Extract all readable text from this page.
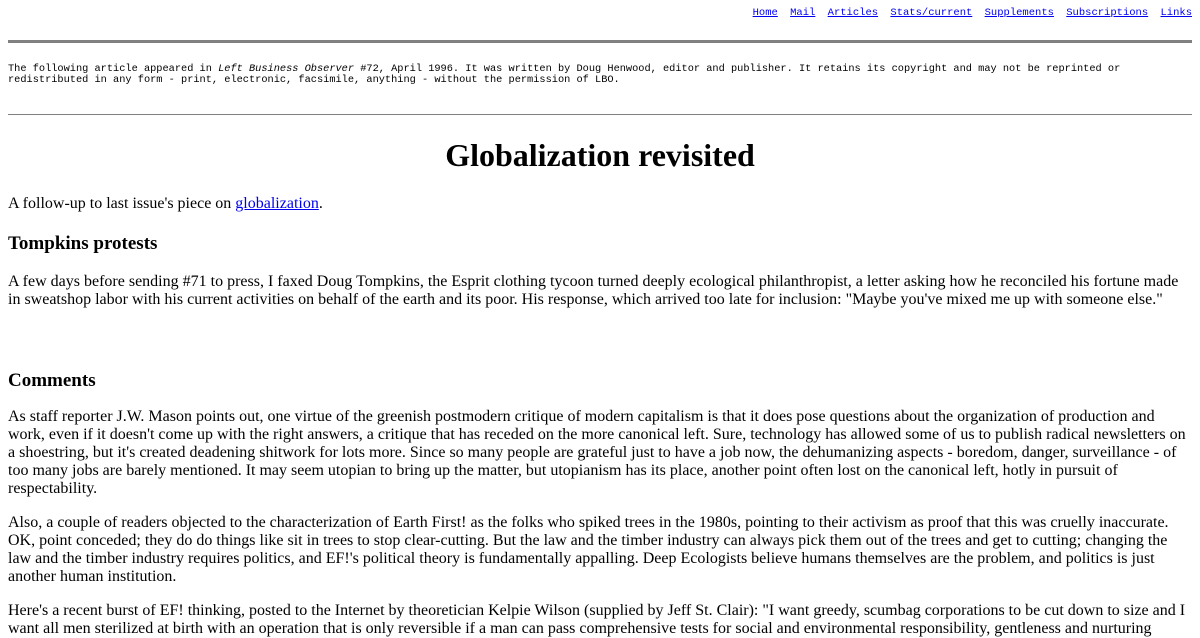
Home Mail Articles Stats/current Supplements Subscriptions Links
The following article appeared in Left Business Observer #72, April 1996. It was written by Doug Henwood, editor and publisher. It retains its copyright and may not be reprinted or redistributed in any form - print, electronic, facsimile, anything - without the permission of LBO.
Globalization revisited

A follow-up to last issue's piece on globalization.

Tompkins protests

A few days before sending #71 to press, I faxed Doug Tompkins, the Esprit clothing tycoon turned deeply ecological philanthropist, a letter asking how he reconciled his fortune made in sweatshop labor with his current activities on behalf of the earth and its poor. His response, which arrived too late for inclusion: "Maybe you've mixed me up with someone else."

Comments

As staff reporter J.W. Mason points out, one virtue of the greenish postmodern critique of modern capitalism is that it does pose questions about the organization of production and work, even if it doesn't come up with the right answers, a critique that has receded on the more canonical left. Sure, technology has allowed some of us to publish radical newsletters on a shoestring, but it's created deadening shitwork for lots more. Since so many people are grateful just to have a job now, the dehumanizing aspects - boredom, danger, surveillance - of too many jobs are barely mentioned. It may seem utopian to bring up the matter, but utopianism has its place, another point often lost on the canonical left, hotly in pursuit of respectability.

Also, a couple of readers objected to the characterization of Earth First! as the folks who spiked trees in the 1980s, pointing to their activism as proof that this was cruelly inaccurate. OK, point conceded; they do do things like sit in trees to stop clear-cutting. But the law and the timber industry can always pick them out of the trees and get to cutting; changing the law and the timber industry requires politics, and EF!'s political theory is fundamentally appalling. Deep Ecologists believe humans themselves are the problem, and politics is just another human institution.

Here's a recent burst of EF! thinking, posted to the Internet by theoretician Kelpie Wilson (supplied by Jeff St. Clair): "I want greedy, scumbag corporations to be cut down to size and I want all men sterilized at birth with an operation that is only reversible if a man can pass comprehensive tests for social and environmental responsibility, gentleness and nurturing
